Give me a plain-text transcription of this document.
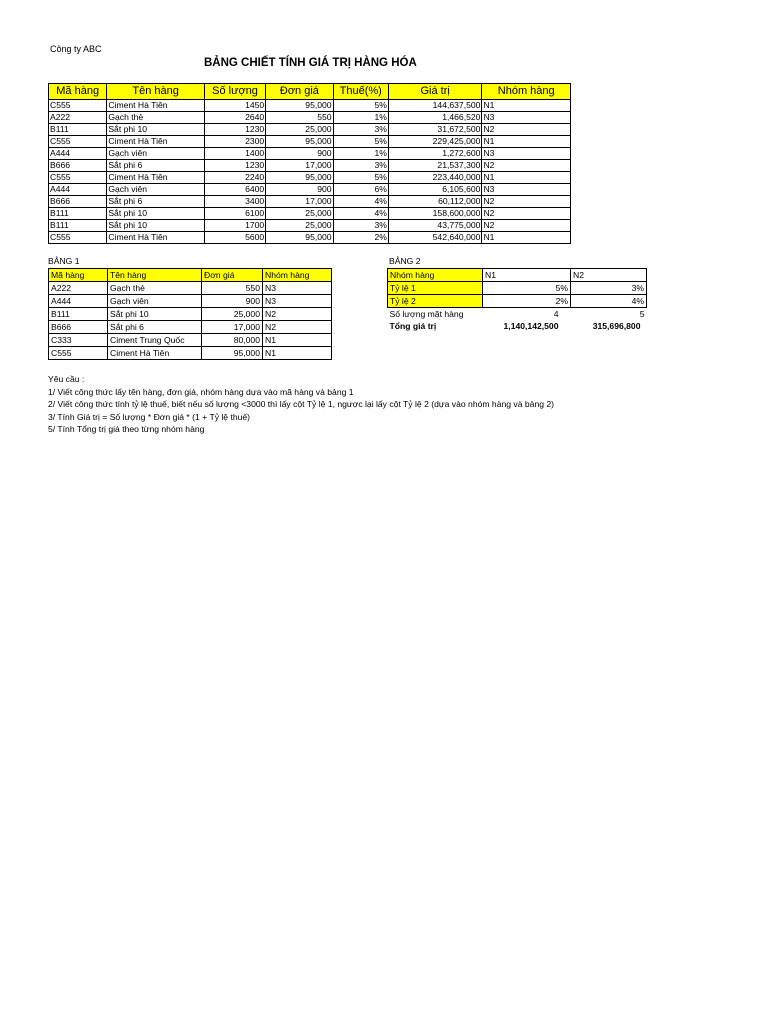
Công ty ABC
BẢNG CHIẾT TÍNH GIÁ TRỊ HÀNG HÓA
Mã hàng	Tên hàng	Số lượng	Đơn giá	Thuế(%)	Giá trị	Nhóm hàng
C555	Ciment Hà Tiên	1450	95,000	5%	144,637,500	N1
A222	Gạch thẻ	2640	550	1%	1,466,520	N3
B111	Sắt phi 10	1230	25,000	3%	31,672,500	N2
C555	Ciment Hà Tiên	2300	95,000	5%	229,425,000	N1
A444	Gạch viên	1400	900	1%	1,272,600	N3
B666	Sắt phi 6	1230	17,000	3%	21,537,300	N2
C555	Ciment Hà Tiên	2240	95,000	5%	223,440,000	N1
A444	Gạch viên	6400	900	6%	6,105,600	N3
B666	Sắt phi 6	3400	17,000	4%	60,112,000	N2
B111	Sắt phi 10	6100	25,000	4%	158,600,000	N2
B111	Sắt phi 10	1700	25,000	3%	43,775,000	N2
C555	Ciment Hà Tiên	5600	95,000	2%	542,640,000	N1
BẢNG 1
Mã hàng	Tên hàng	Đơn giá	Nhóm hàng
A222	Gạch thẻ	550	N3
A444	Gạch viên	900	N3
B111	Sắt phi 10	25,000	N2
B666	Sắt phi 6	17,000	N2
C333	Ciment Trung Quốc	80,000	N1
C555	Ciment Hà Tiên	95,000	N1
BẢNG 2
Nhóm hàng	N1	N2
Tỷ lệ 1	5%	3%
Tỷ lệ 2	2%	4%
Số lượng mặt hàng	4	5
Tổng giá trị	1,140,142,500	315,696,800
Yêu cầu :
1/ Viết công thức lấy tên hàng, đơn giá, nhóm hàng dựa vào mã hàng và bảng 1
2/ Viết công thức tính tỷ lệ thuế, biết nếu số lượng <3000 thì lấy cột Tỷ lệ 1, ngược lại lấy cột Tỷ lệ 2 (dựa vào nhóm hàng và bảng 2)
3/ Tính Giá trị = Số lượng * Đơn giá * (1 + Tỷ lệ thuế)
5/ Tính Tổng trị giá theo từng nhóm hàng
